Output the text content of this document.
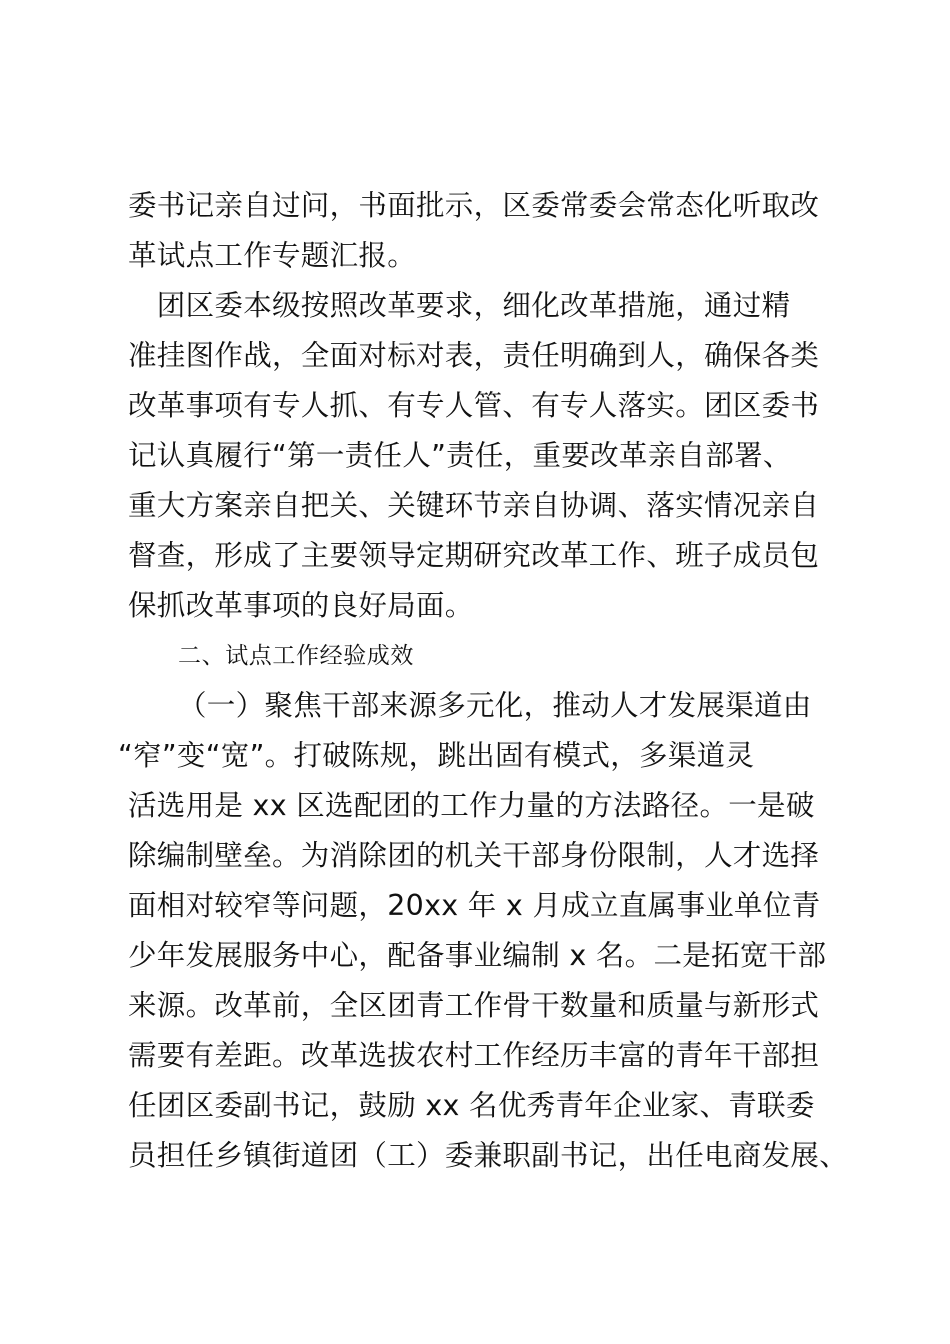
委书记亲自过问，书面批示，区委常委会常态化听取改
革试点工作专题汇报。
　团区委本级按照改革要求，细化改革措施，通过精
准挂图作战，全面对标对表，责任明确到人，确保各类
改革事项有专人抓、有专人管、有专人落实。团区委书
记认真履行“第一责任人”责任，重要改革亲自部署、
重大方案亲自把关、关键环节亲自协调、落实情况亲自
督查，形成了主要领导定期研究改革工作、班子成员包
保抓改革事项的良好局面。
二、试点工作经验成效
（一）聚焦干部来源多元化，推动人才发展渠道由
“窄”变“宽”。打破陈规，跳出固有模式，多渠道灵
活选用是 xx 区选配团的工作力量的方法路径。一是破
除编制壁垒。为消除团的机关干部身份限制，人才选择
面相对较窄等问题，20xx 年 x 月成立直属事业单位青
少年发展服务中心，配备事业编制 x 名。二是拓宽干部
来源。改革前，全区团青工作骨干数量和质量与新形式
需要有差距。改革选拔农村工作经历丰富的青年干部担
任团区委副书记，鼓励 xx 名优秀青年企业家、青联委
员担任乡镇街道团（工）委兼职副书记，出任电商发展、
